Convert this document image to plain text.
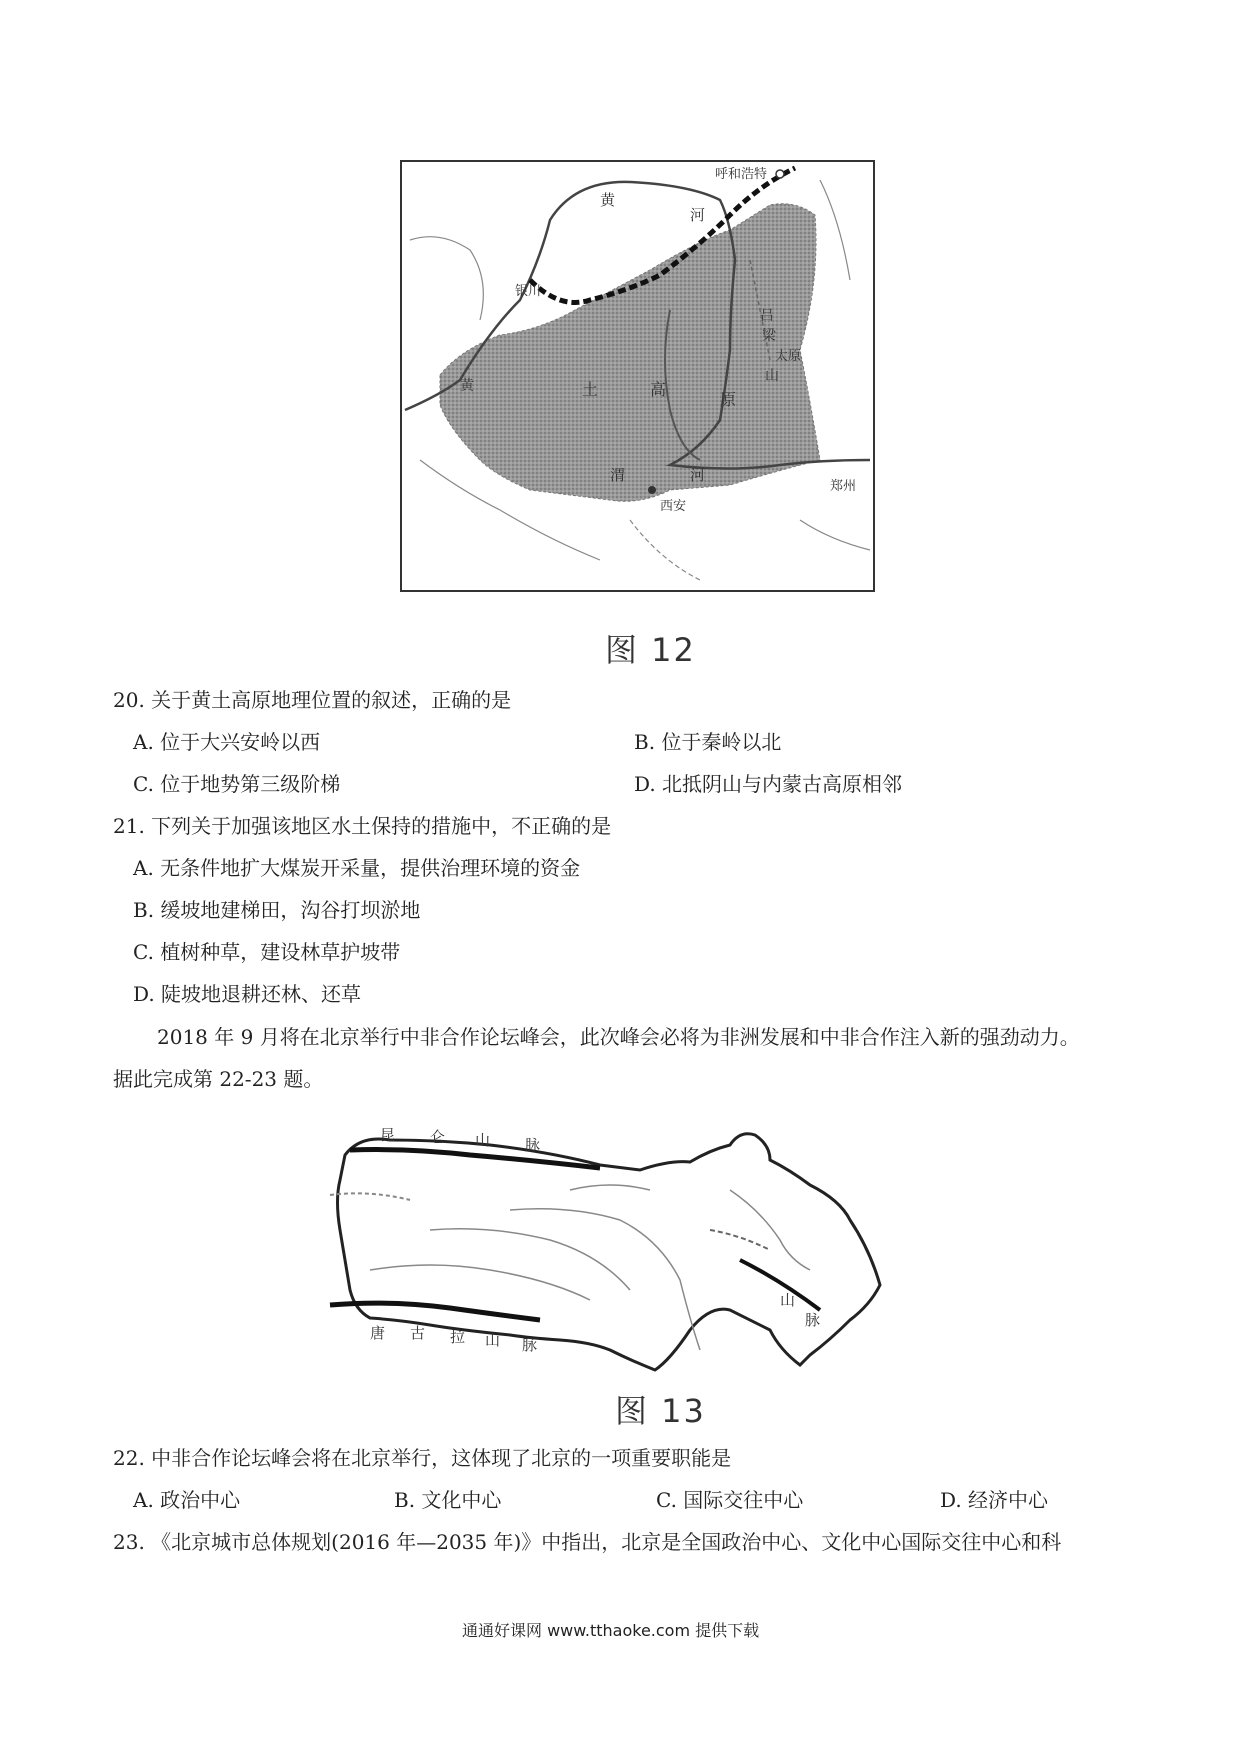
呼和浩特
黄
河
银川
黄	土	高
原
吕
梁
太原
山
渭	河
西安
郑州
图 12
20. 关于黄土高原地理位置的叙述，正确的是
A. 位于大兴安岭以西	B. 位于秦岭以北
C. 位于地势第三级阶梯	D. 北抵阴山与内蒙古高原相邻
21. 下列关于加强该地区水土保持的措施中，不正确的是
A. 无条件地扩大煤炭开采量，提供治理环境的资金
B. 缓坡地建梯田，沟谷打坝淤地
C. 植树种草，建设林草护坡带
D. 陡坡地退耕还林、还草
2018 年 9 月将在北京举行中非合作论坛峰会，此次峰会必将为非洲发展和中非合作注入新的强劲动力。
据此完成第 22-23 题。
昆 仑 山 脉
唐 古 拉 山 脉
山
脉
图 13
22. 中非合作论坛峰会将在北京举行，这体现了北京的一项重要职能是
A. 政治中心	B. 文化中心	C. 国际交往中心	D. 经济中心
23. 《北京城市总体规划(2016 年—2035 年)》中指出，北京是全国政治中心、文化中心国际交往中心和科
通通好课网 www.tthaoke.com 提供下载
